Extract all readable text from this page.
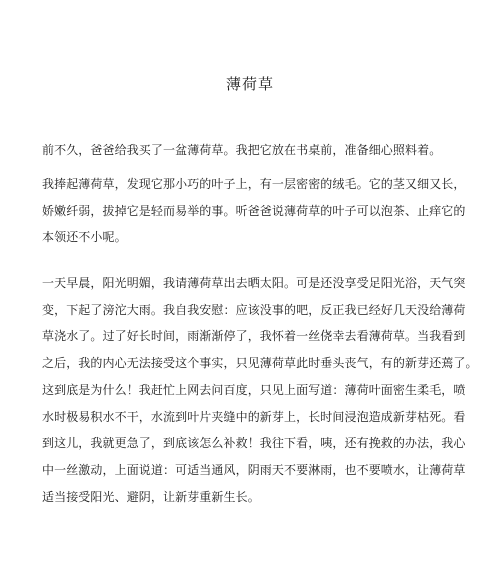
薄荷草

前不久，爸爸给我买了一盆薄荷草。我把它放在书桌前，准备细心照料着。

我捧起薄荷草，发现它那小巧的叶子上，有一层密密的绒毛。它的茎又细又长，
娇嫩纤弱，拔掉它是轻而易举的事。听爸爸说薄荷草的叶子可以泡茶、止痒它的
本领还不小呢。

一天早晨，阳光明媚，我请薄荷草出去晒太阳。可是还没享受足阳光浴，天气突
变，下起了滂沱大雨。我自我安慰：应该没事的吧，反正我已经好几天没给薄荷
草浇水了。过了好长时间，雨渐渐停了，我怀着一丝侥幸去看薄荷草。当我看到
之后，我的内心无法接受这个事实，只见薄荷草此时垂头丧气，有的新芽还蔫了。
这到底是为什么！我赶忙上网去问百度，只见上面写道：薄荷叶面密生柔毛，喷
水时极易积水不干，水流到叶片夹缝中的新芽上，长时间浸泡造成新芽枯死。看
到这儿，我就更急了，到底该怎么补救！我往下看，咦，还有挽救的办法，我心
中一丝激动，上面说道：可适当通风，阴雨天不要淋雨，也不要喷水，让薄荷草
适当接受阳光、避阴，让新芽重新生长。
